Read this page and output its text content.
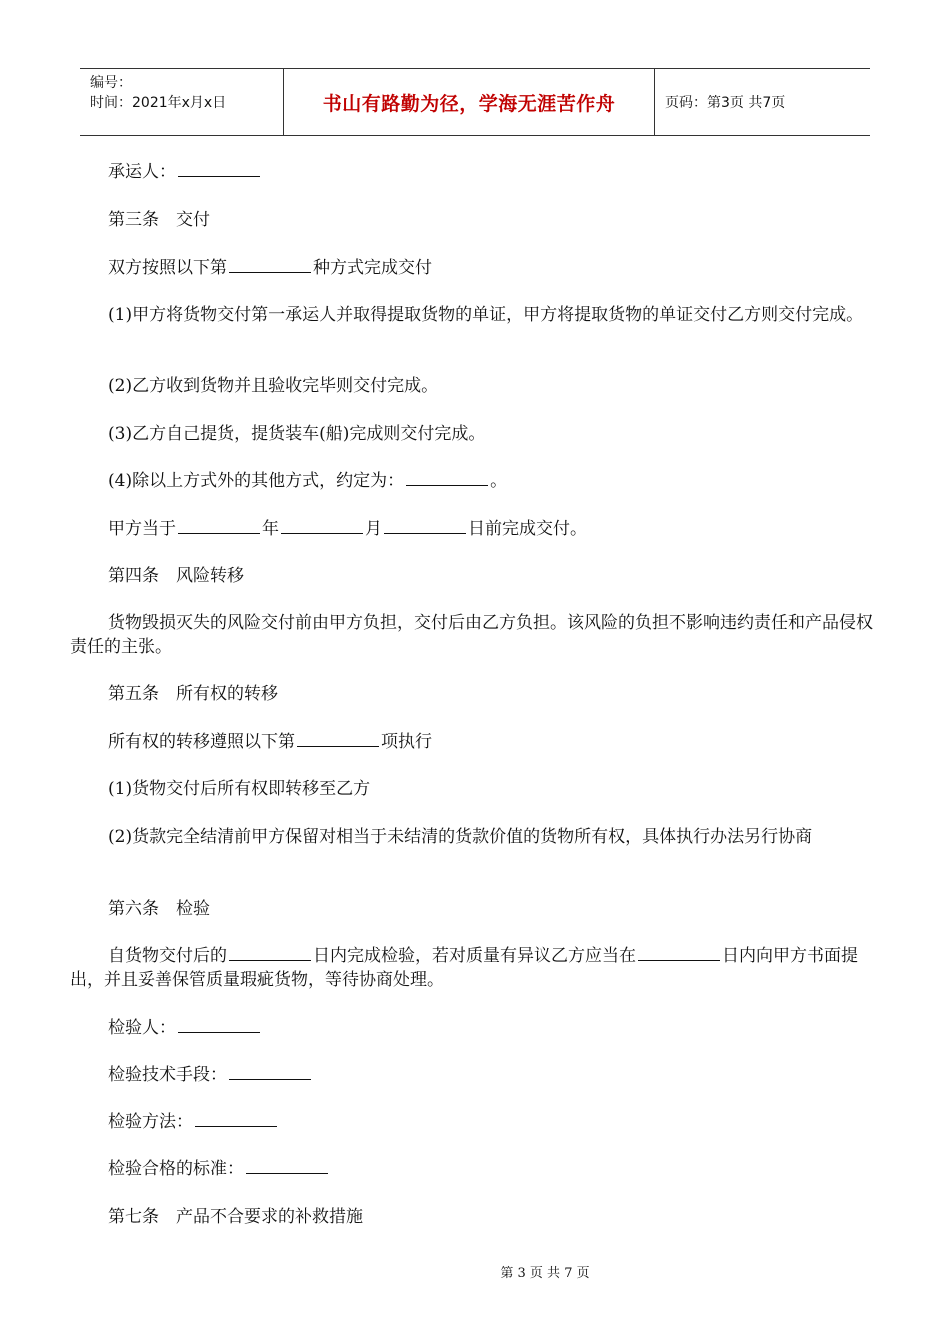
编号：
时间：2021年x月x日	书山有路勤为径，学海无涯苦作舟	页码：第3页 共7页

承运人：

第三条　交付

双方按照以下第	种方式完成交付

(1)甲方将货物交付第一承运人并取得提取货物的单证，甲方将提取货物的单证交付乙方则交付完成。

(2)乙方收到货物并且验收完毕则交付完成。

(3)乙方自己提货，提货装车(船)完成则交付完成。

(4)除以上方式外的其他方式，约定为：	。

甲方当于	年	月	日前完成交付。

第四条　风险转移

货物毁损灭失的风险交付前由甲方负担，交付后由乙方负担。该风险的负担不影响违约责任和产品侵权责任的主张。

第五条　所有权的转移

所有权的转移遵照以下第	项执行

(1)货物交付后所有权即转移至乙方

(2)货款完全结清前甲方保留对相当于未结清的货款价值的货物所有权，具体执行办法另行协商

第六条　检验

自货物交付后的	日内完成检验，若对质量有异议乙方应当在	日内向甲方书面提出，并且妥善保管质量瑕疵货物，等待协商处理。

检验人：

检验技术手段：

检验方法：

检验合格的标准：

第七条　产品不合要求的补救措施

第 3 页 共 7 页
